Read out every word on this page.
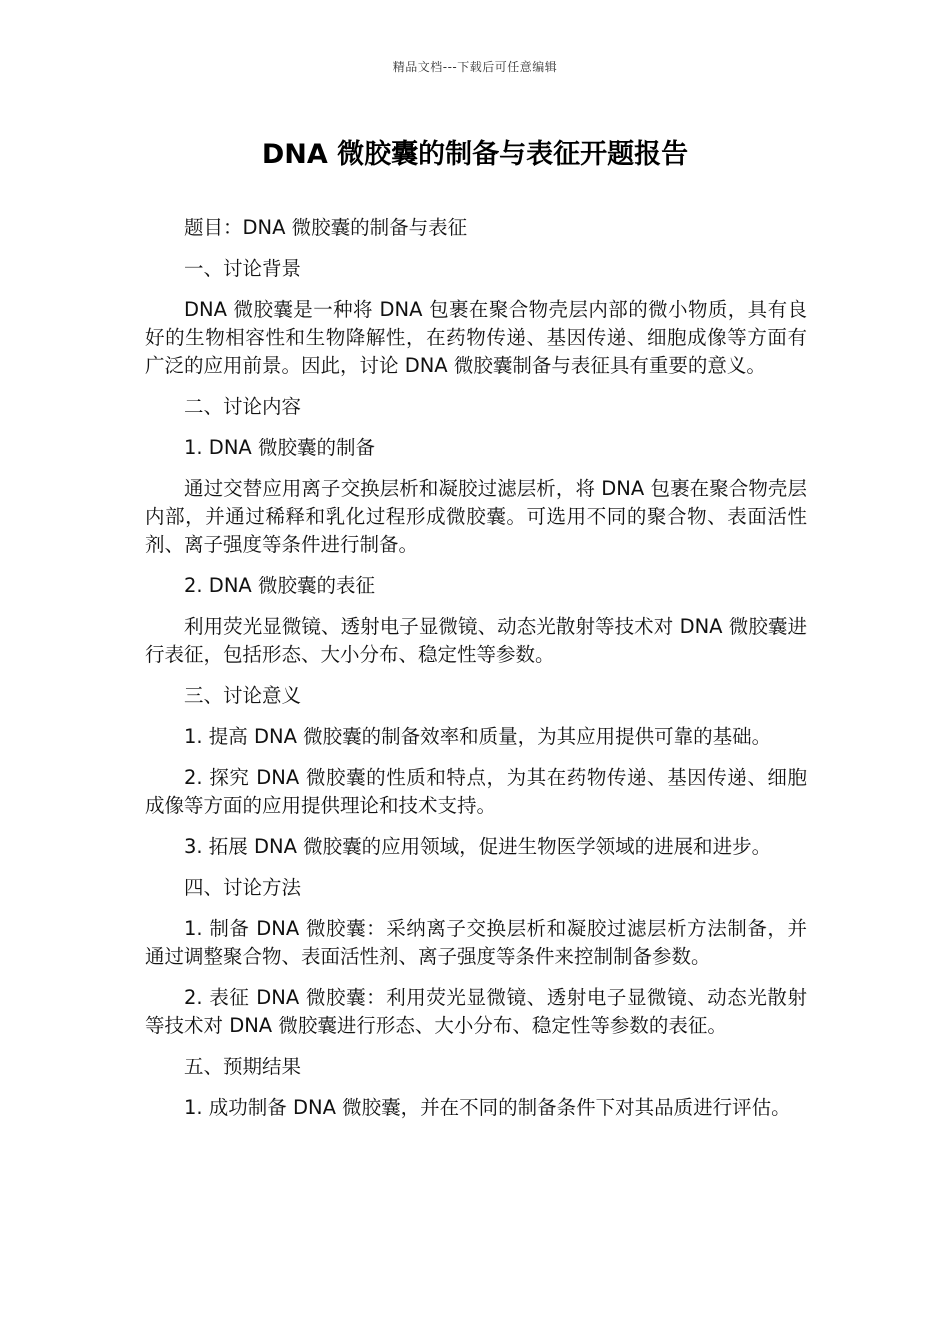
精品文档---下载后可任意编辑
DNA 微胶囊的制备与表征开题报告

题目：DNA 微胶囊的制备与表征

一、讨论背景

DNA 微胶囊是一种将 DNA 包裹在聚合物壳层内部的微小物质，具有良好的生物相容性和生物降解性，在药物传递、基因传递、细胞成像等方面有广泛的应用前景。因此，讨论 DNA 微胶囊制备与表征具有重要的意义。

二、讨论内容

1. DNA 微胶囊的制备

通过交替应用离子交换层析和凝胶过滤层析，将 DNA 包裹在聚合物壳层内部，并通过稀释和乳化过程形成微胶囊。可选用不同的聚合物、表面活性剂、离子强度等条件进行制备。

2. DNA 微胶囊的表征

利用荧光显微镜、透射电子显微镜、动态光散射等技术对 DNA 微胶囊进行表征，包括形态、大小分布、稳定性等参数。

三、讨论意义

1. 提高 DNA 微胶囊的制备效率和质量，为其应用提供可靠的基础。

2. 探究 DNA 微胶囊的性质和特点，为其在药物传递、基因传递、细胞成像等方面的应用提供理论和技术支持。

3. 拓展 DNA 微胶囊的应用领域，促进生物医学领域的进展和进步。

四、讨论方法

1. 制备 DNA 微胶囊：采纳离子交换层析和凝胶过滤层析方法制备，并通过调整聚合物、表面活性剂、离子强度等条件来控制制备参数。

2. 表征 DNA 微胶囊：利用荧光显微镜、透射电子显微镜、动态光散射等技术对 DNA 微胶囊进行形态、大小分布、稳定性等参数的表征。

五、预期结果

1. 成功制备 DNA 微胶囊，并在不同的制备条件下对其品质进行评估。
